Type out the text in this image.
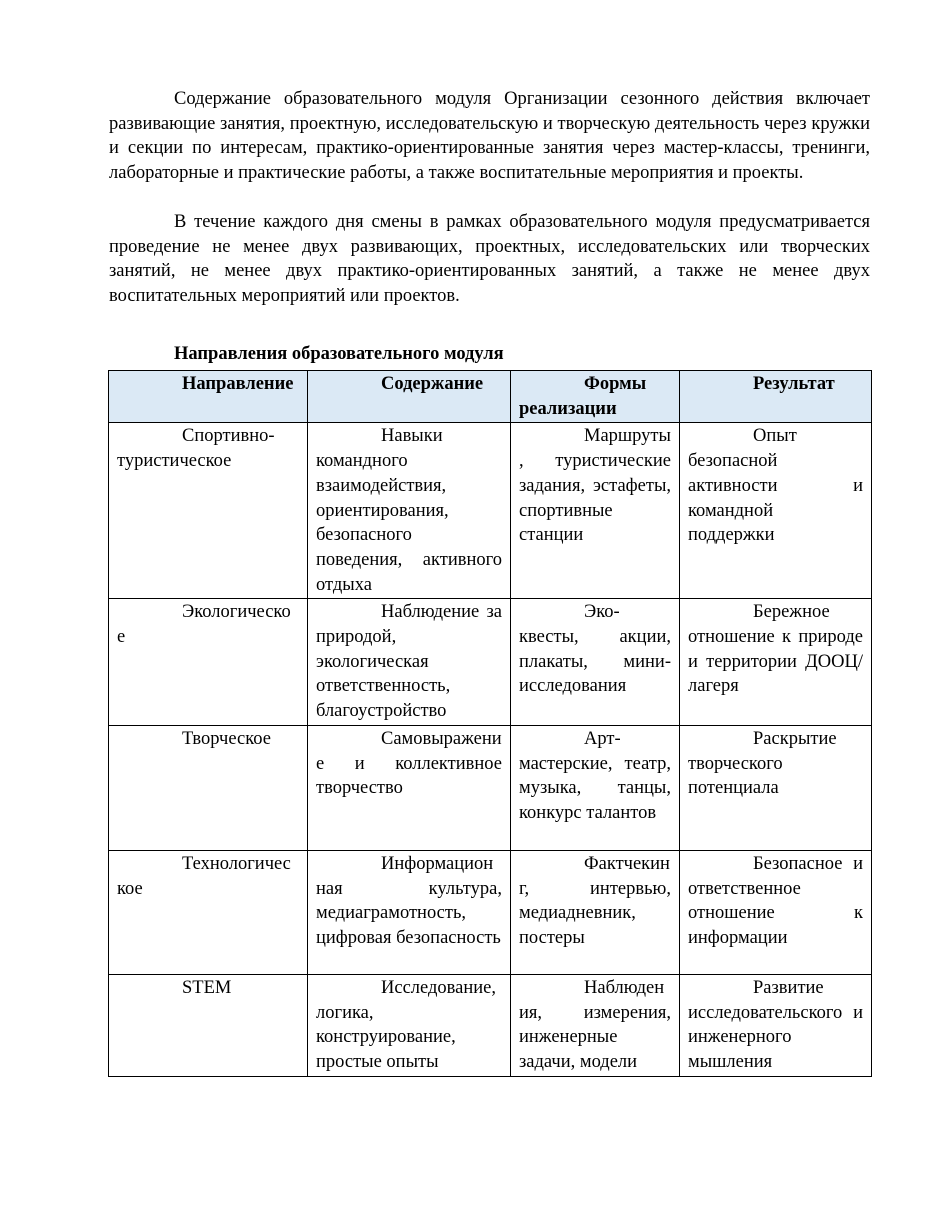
Содержание образовательного модуля Организации сезонного действия включает развивающие занятия, проектную, исследовательскую и творческую деятельность через кружки и секции по интересам, практико-ориентированные занятия через мастер-классы, тренинги, лабораторные и практические работы, а также воспитательные мероприятия и проекты.

В течение каждого дня смены в рамках образовательного модуля предусматривается проведение не менее двух развивающих, проектных, исследовательских или творческих занятий, не менее двух практико-ориентированных занятий, а также не менее двух воспитательных мероприятий или проектов.

Направления образовательного модуля

Направление	Содержание	Формы реализации	Результат
Спортивно-туристическое	Навыки командного взаимодействия, ориентирования, безопасного поведения, активного отдыха	Маршруты, туристические задания, эстафеты, спортивные станции	Опыт безопасной активности и командной поддержки
Экологическое	Наблюдение за природой, экологическая ответственность, благоустройство	Эко-квесты, акции, плакаты, мини-исследования	Бережное отношение к природе и территории ДООЦ/ лагеря
Творческое	Самовыражение и коллективное творчество	Арт-мастерские, театр, музыка, танцы, конкурс талантов	Раскрытие творческого потенциала
Технологическое	Информационная культура, медиаграмотность, цифровая безопасность	Фактчекинг, интервью, медиадневник, постеры	Безопасное и ответственное отношение к информации
STEM	Исследование, логика, конструирование, простые опыты	Наблюдения, измерения, инженерные задачи, модели	Развитие исследовательского и инженерного мышления
